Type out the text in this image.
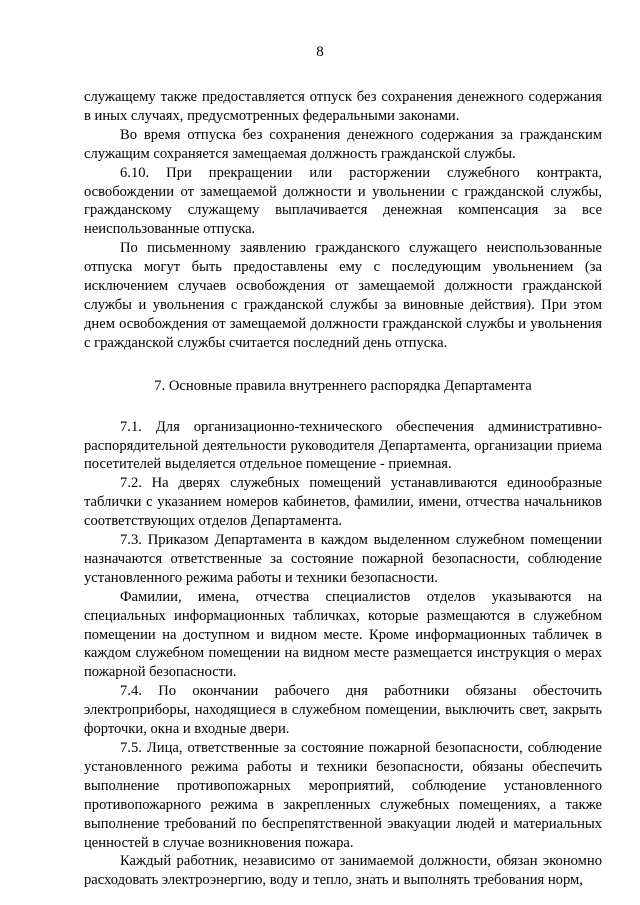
8

служащему также предоставляется отпуск без сохранения денежного содержания в иных случаях, предусмотренных федеральными законами.

Во время отпуска без сохранения денежного содержания за гражданским служащим сохраняется замещаемая должность гражданской службы.

6.10. При прекращении или расторжении служебного контракта, освобождении от замещаемой должности и увольнении с гражданской службы, гражданскому служащему выплачивается денежная компенсация за все неиспользованные отпуска.

По письменному заявлению гражданского служащего неиспользованные отпуска могут быть предоставлены ему с последующим увольнением (за исключением случаев освобождения от замещаемой должности гражданской службы и увольнения с гражданской службы за виновные действия). При этом днем освобождения от замещаемой должности гражданской службы и увольнения с гражданской службы считается последний день отпуска.

7. Основные правила внутреннего распорядка Департамента

7.1. Для организационно-технического обеспечения административно-распорядительной деятельности руководителя Департамента, организации приема посетителей выделяется отдельное помещение - приемная.

7.2. На дверях служебных помещений устанавливаются единообразные таблички с указанием номеров кабинетов, фамилии, имени, отчества начальников соответствующих отделов Департамента.

7.3. Приказом Департамента в каждом выделенном служебном помещении назначаются ответственные за состояние пожарной безопасности, соблюдение установленного режима работы и техники безопасности.

Фамилии, имена, отчества специалистов отделов указываются на специальных информационных табличках, которые размещаются в служебном помещении на доступном и видном месте. Кроме информационных табличек в каждом служебном помещении на видном месте размещается инструкция о мерах пожарной безопасности.

7.4. По окончании рабочего дня работники обязаны обесточить электроприборы, находящиеся в служебном помещении, выключить свет, закрыть форточки, окна и входные двери.

7.5. Лица, ответственные за состояние пожарной безопасности, соблюдение установленного режима работы и техники безопасности, обязаны обеспечить выполнение противопожарных мероприятий, соблюдение установленного противопожарного режима в закрепленных служебных помещениях, а также выполнение требований по беспрепятственной эвакуации людей и материальных ценностей в случае возникновения пожара.

Каждый работник, независимо от занимаемой должности, обязан экономно расходовать электроэнергию, воду и тепло, знать и выполнять требования норм,
